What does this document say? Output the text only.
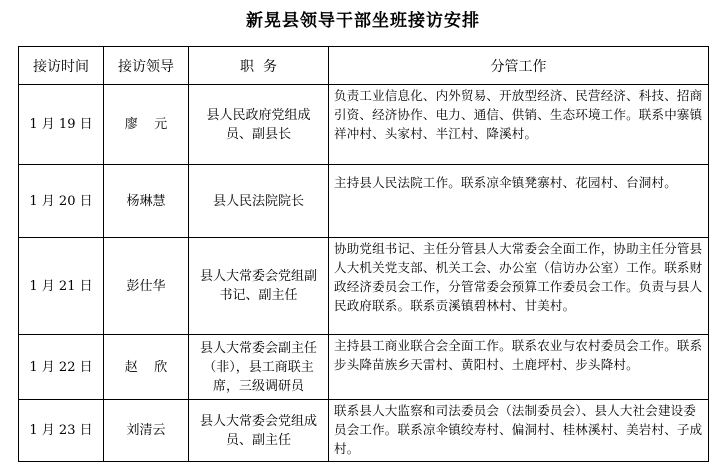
新晃县领导干部坐班接访安排
接访时间	接访领导	职  务	分管工作
1 月 19 日	廖    元	县人民政府党组成员、副县长	负责工业信息化、内外贸易、开放型经济、民营经济、科技、招商引资、经济协作、电力、通信、供销、生态环境工作。联系中寨镇祥冲村、头家村、半江村、降溪村。
1 月 20 日	杨琳慧	县人民法院院长	主持县人民法院工作。联系凉伞镇凳寨村、花园村、台洞村。
1 月 21 日	彭仕华	县人大常委会党组副书记、副主任	协助党组书记、主任分管县人大常委会全面工作，协助主任分管县人大机关党支部、机关工会、办公室（信访办公室）工作。联系财政经济委员会工作，分管常委会预算工作委员会工作。负责与县人民政府联系。联系贡溪镇碧林村、甘美村。
1 月 22 日	赵    欣	县人大常委会副主任（非），县工商联主席，三级调研员	主持县工商业联合会全面工作。联系农业与农村委员会工作。联系步头降苗族乡天雷村、黄阳村、土鹿坪村、步头降村。
1 月 23 日	刘清云	县人大常委会党组成员、副主任	联系县人大监察和司法委员会（法制委员会）、县人大社会建设委员会工作。联系凉伞镇绞寿村、偏洞村、桂林溪村、美岩村、子成村。
